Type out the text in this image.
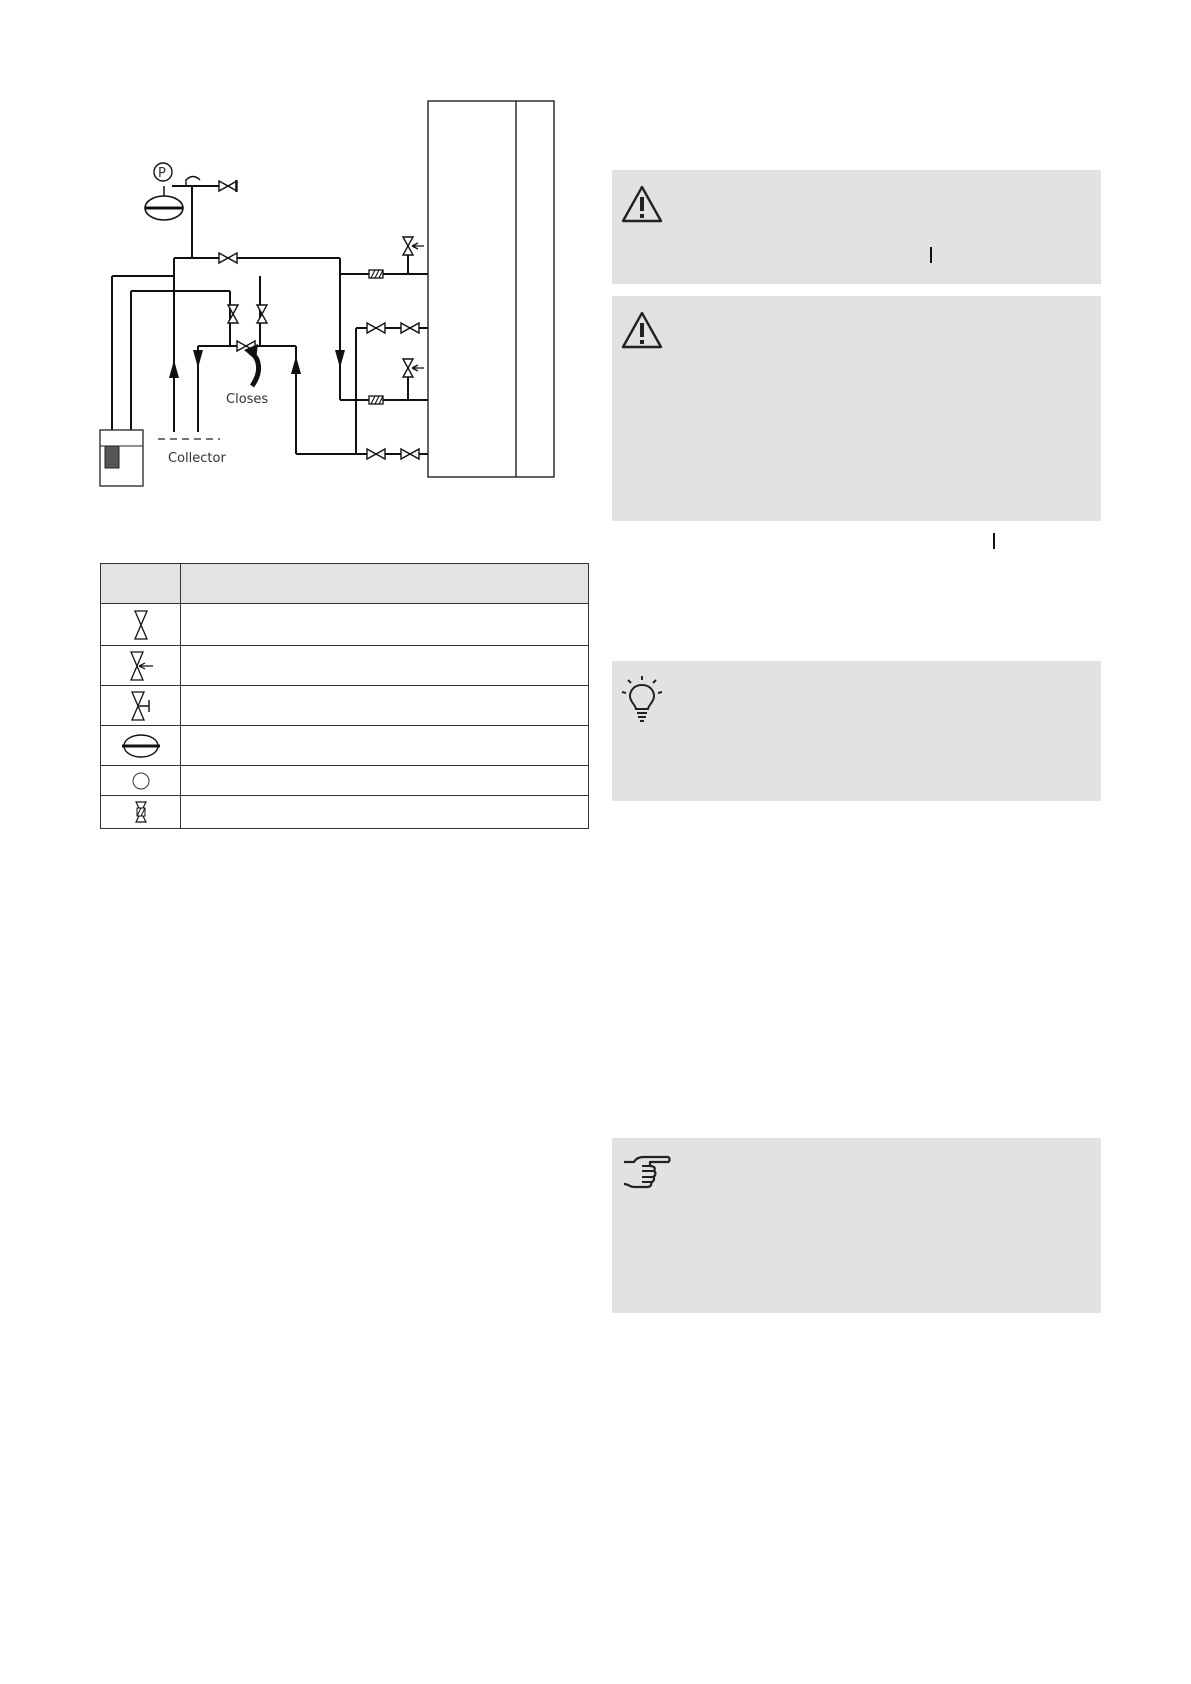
P
Closes
Collector
